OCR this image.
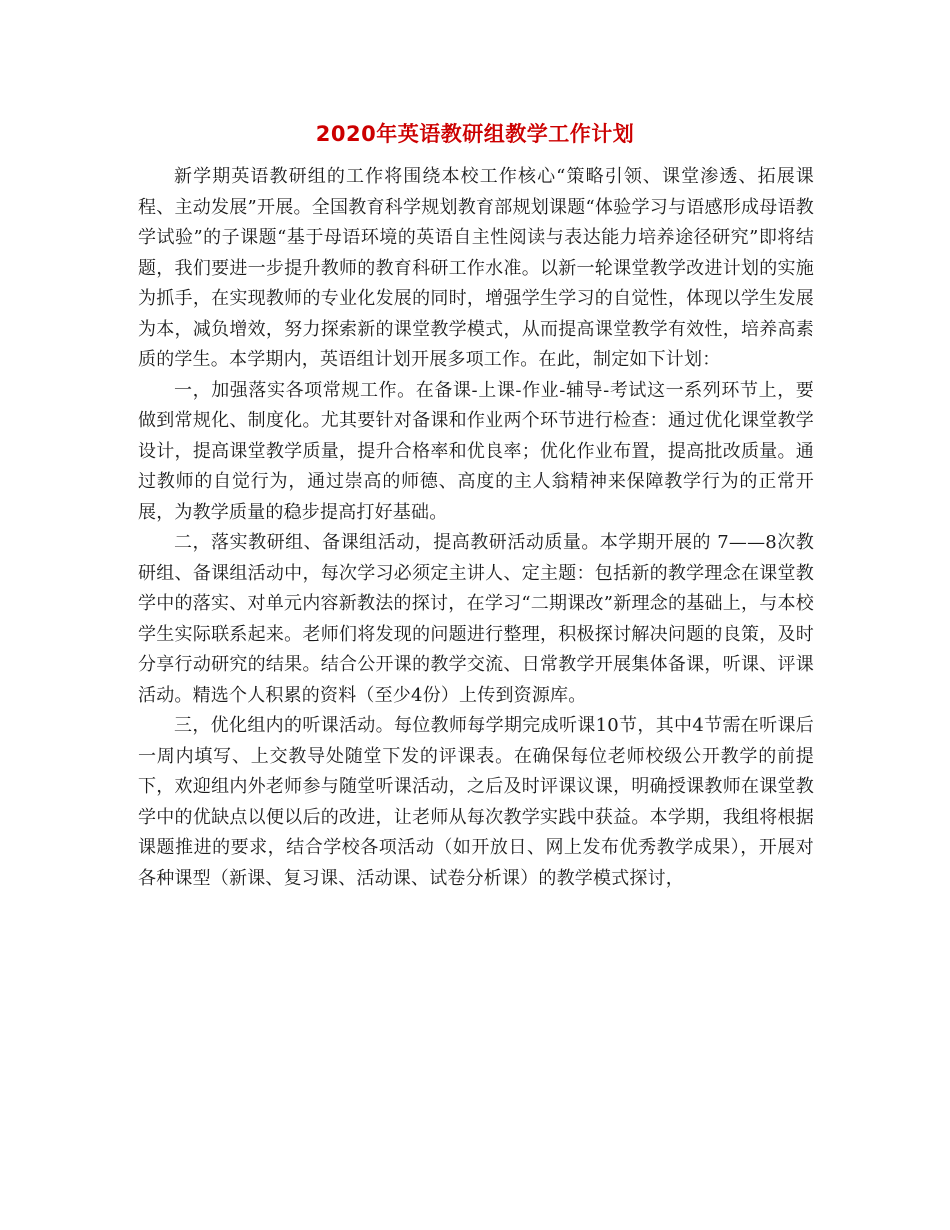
2020年英语教研组教学工作计划

新学期英语教研组的工作将围绕本校工作核心“策略引领、课堂渗透、拓展课程、主动发展”开展。全国教育科学规划教育部规划课题“体验学习与语感形成母语教学试验”的子课题“基于母语环境的英语自主性阅读与表达能力培养途径研究”即将结题，我们要进一步提升教师的教育科研工作水准。以新一轮课堂教学改进计划的实施为抓手，在实现教师的专业化发展的同时，增强学生学习的自觉性，体现以学生发展为本，减负增效，努力探索新的课堂教学模式，从而提高课堂教学有效性，培养高素质的学生。本学期内，英语组计划开展多项工作。在此，制定如下计划：

一，加强落实各项常规工作。在备课-上课-作业-辅导-考试这一系列环节上，要做到常规化、制度化。尤其要针对备课和作业两个环节进行检查：通过优化课堂教学设计，提高课堂教学质量，提升合格率和优良率；优化作业布置，提高批改质量。通过教师的自觉行为，通过崇高的师德、高度的主人翁精神来保障教学行为的正常开展，为教学质量的稳步提高打好基础。

二，落实教研组、备课组活动，提高教研活动质量。本学期开展的 7——8次教研组、备课组活动中，每次学习必须定主讲人、定主题：包括新的教学理念在课堂教学中的落实、对单元内容新教法的探讨，在学习“二期课改”新理念的基础上，与本校学生实际联系起来。老师们将发现的问题进行整理，积极探讨解决问题的良策，及时分享行动研究的结果。结合公开课的教学交流、日常教学开展集体备课，听课、评课活动。精选个人积累的资料（至少4份）上传到资源库。

三，优化组内的听课活动。每位教师每学期完成听课10节，其中4节需在听课后一周内填写、上交教导处随堂下发的评课表。在确保每位老师校级公开教学的前提下，欢迎组内外老师参与随堂听课活动，之后及时评课议课，明确授课教师在课堂教学中的优缺点以便以后的改进，让老师从每次教学实践中获益。本学期，我组将根据课题推进的要求，结合学校各项活动（如开放日、网上发布优秀教学成果），开展对各种课型（新课、复习课、活动课、试卷分析课）的教学模式探讨，
